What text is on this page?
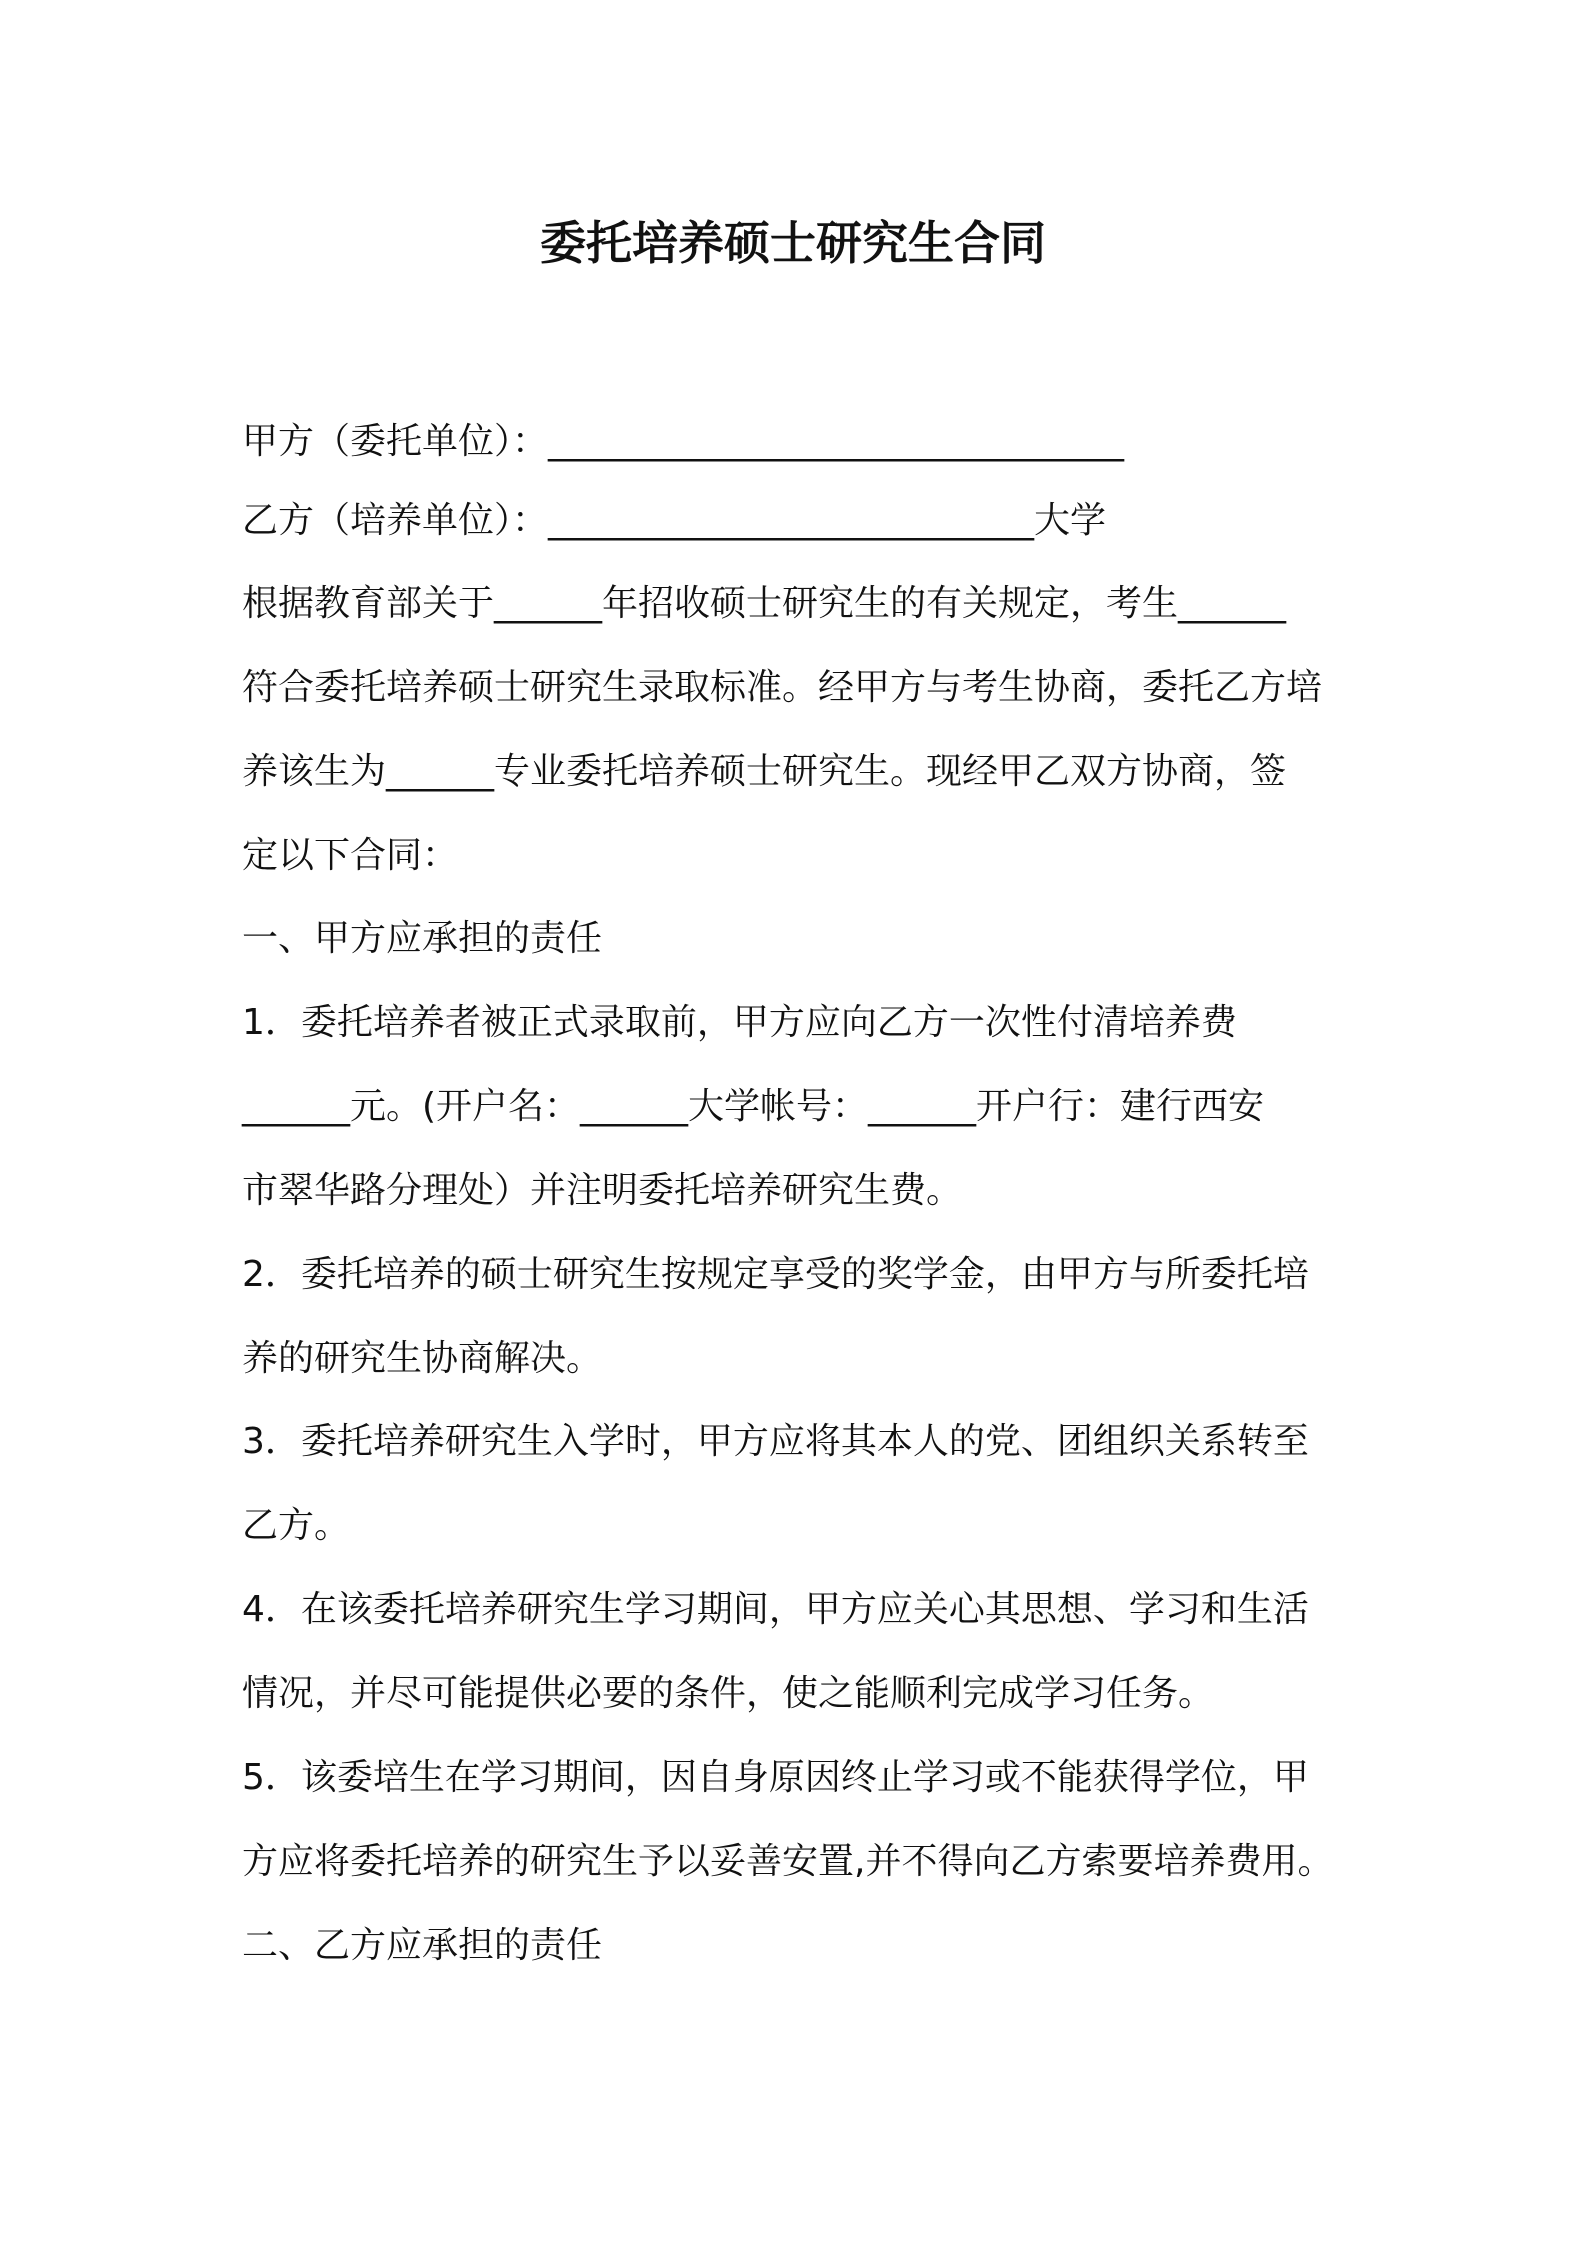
委托培养硕士研究生合同
甲方（委托单位）：________________________________
乙方（培养单位）：___________________________大学
根据教育部关于______年招收硕士研究生的有关规定，考生______
符合委托培养硕士研究生录取标准。经甲方与考生协商，委托乙方培
养该生为______专业委托培养硕士研究生。现经甲乙双方协商，签
定以下合同：
一、甲方应承担的责任
1．委托培养者被正式录取前，甲方应向乙方一次性付清培养费
______元。(开户名：______大学帐号：______开户行：建行西安
市翠华路分理处）并注明委托培养研究生费。
2．委托培养的硕士研究生按规定享受的奖学金，由甲方与所委托培
养的研究生协商解决。
3．委托培养研究生入学时，甲方应将其本人的党、团组织关系转至
乙方。
4．在该委托培养研究生学习期间，甲方应关心其思想、学习和生活
情况，并尽可能提供必要的条件，使之能顺利完成学习任务。
5．该委培生在学习期间，因自身原因终止学习或不能获得学位，甲
方应将委托培养的研究生予以妥善安置,并不得向乙方索要培养费用。
二、乙方应承担的责任
